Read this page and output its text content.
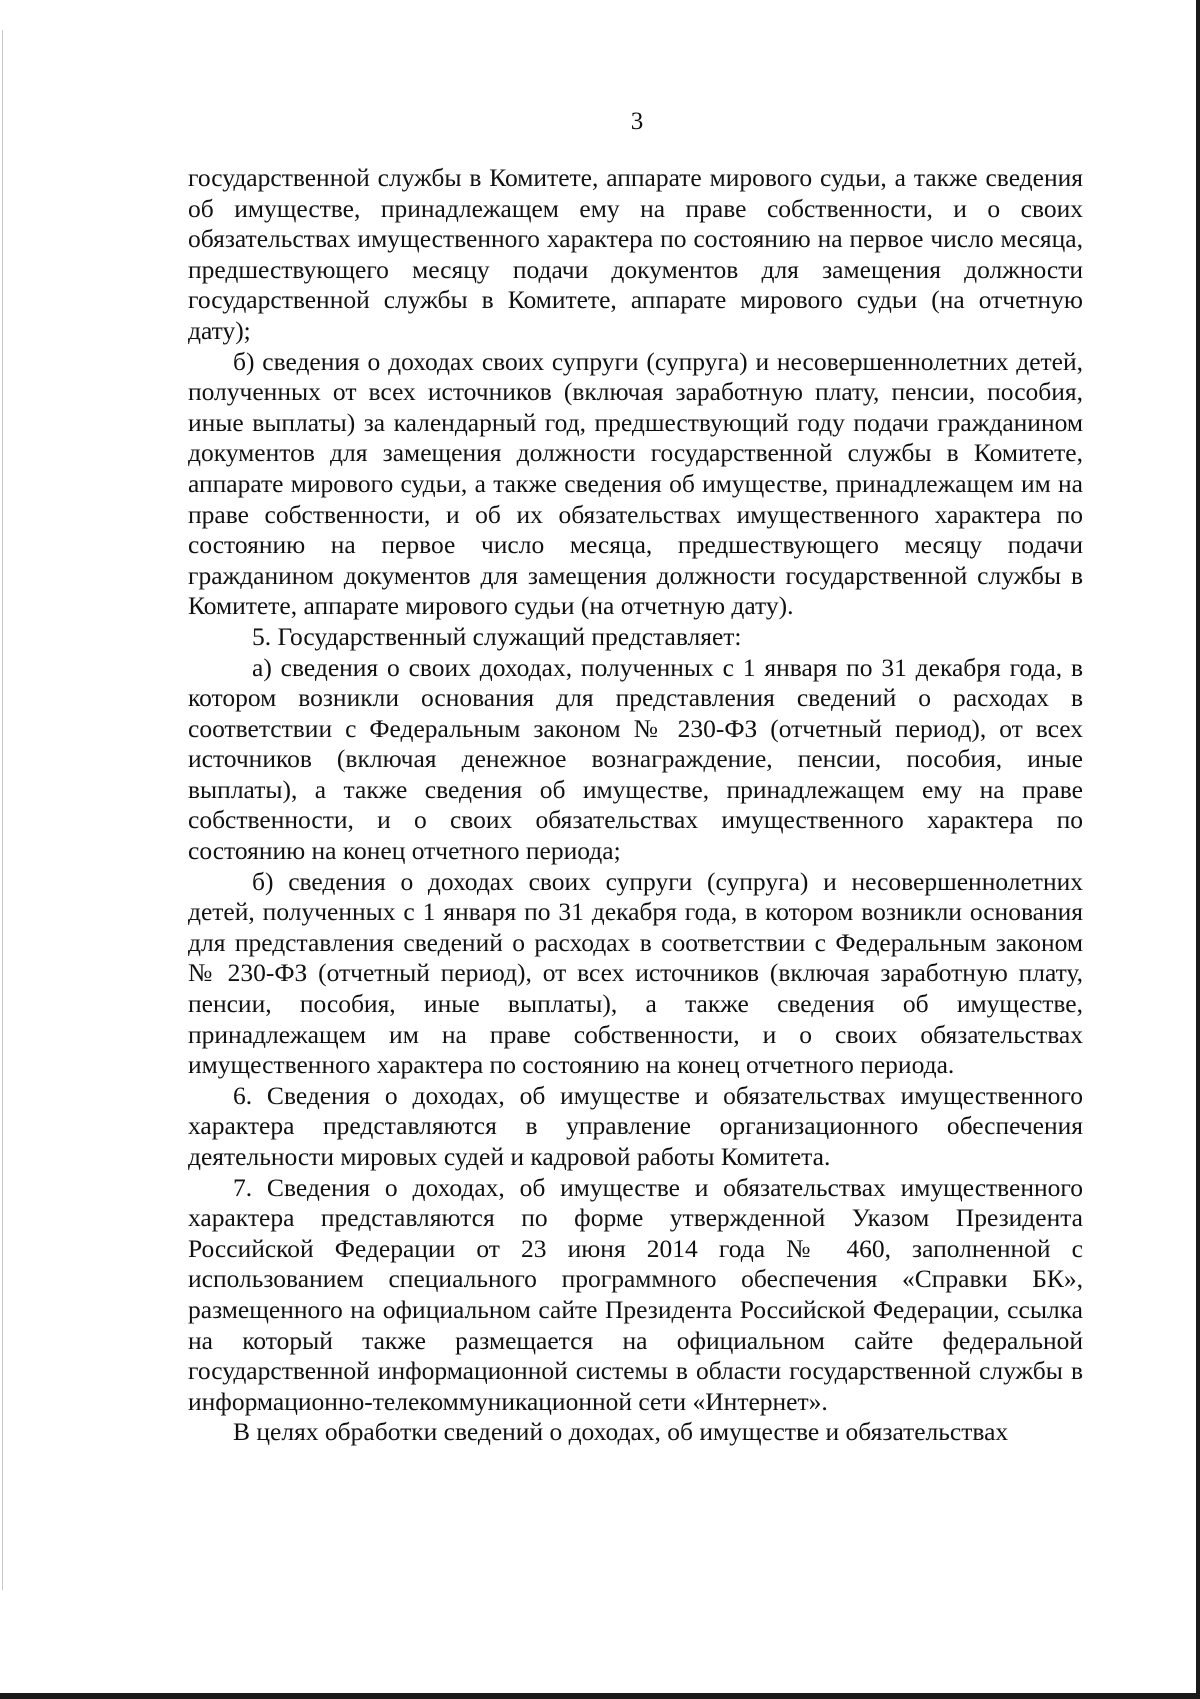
3

государственной службы в Комитете, аппарате мирового судьи, а также сведения об имуществе, принадлежащем ему на праве собственности, и о своих обязательствах имущественного характера по состоянию на первое число месяца, предшествующего месяцу подачи документов для замещения должности государственной службы в Комитете, аппарате мирового судьи (на отчетную дату);

б) сведения о доходах своих супруги (супруга) и несовершеннолетних детей, полученных от всех источников (включая заработную плату, пенсии, пособия, иные выплаты) за календарный год, предшествующий году подачи гражданином документов для замещения должности государственной службы в Комитете, аппарате мирового судьи, а также сведения об имуществе, принадлежащем им на праве собственности, и об их обязательствах имущественного характера по состоянию на первое число месяца, предшествующего месяцу подачи гражданином документов для замещения должности государственной службы в Комитете, аппарате мирового судьи (на отчетную дату).

5. Государственный служащий представляет:

а) сведения о своих доходах, полученных с 1 января по 31 декабря года, в котором возникли основания для представления сведений о расходах в соответствии с Федеральным законом № 230-ФЗ (отчетный период), от всех источников (включая денежное вознаграждение, пенсии, пособия, иные выплаты), а также сведения об имуществе, принадлежащем ему на праве собственности, и о своих обязательствах имущественного характера по состоянию на конец отчетного периода;

б) сведения о доходах своих супруги (супруга) и несовершеннолетних детей, полученных с 1 января по 31 декабря года, в котором возникли основания для представления сведений о расходах в соответствии с Федеральным законом № 230-ФЗ (отчетный период), от всех источников (включая заработную плату, пенсии, пособия, иные выплаты), а также сведения об имуществе, принадлежащем им на праве собственности, и о своих обязательствах имущественного характера по состоянию на конец отчетного периода.

6. Сведения о доходах, об имуществе и обязательствах имущественного характера представляются в управление организационного обеспечения деятельности мировых судей и кадровой работы Комитета.

7. Сведения о доходах, об имуществе и обязательствах имущественного характера представляются по форме утвержденной Указом Президента Российской Федерации от 23 июня 2014 года № 460, заполненной с использованием специального программного обеспечения «Справки БК», размещенного на официальном сайте Президента Российской Федерации, ссылка на который также размещается на официальном сайте федеральной государственной информационной системы в области государственной службы в информационно-телекоммуникационной сети «Интернет».

В целях обработки сведений о доходах, об имуществе и обязательствах
